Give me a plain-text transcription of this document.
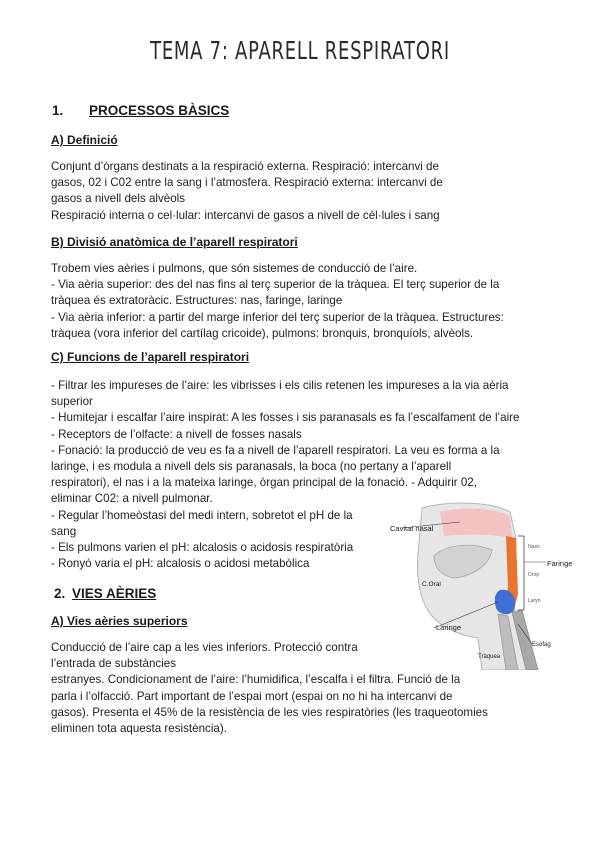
TEMA 7: APARELL RESPIRATORI
1. PROCESSOS BÀSICS
A) Definició
Conjunt d’òrgans destinats a la respiració externa. Respiració: intercanvi de
gasos, 02 i C02 entre la sang i l’atmosfera. Respiració externa: intercanvi de
gasos a nivell dels alvèols
Respiració interna o cel·lular: intercanvi de gasos a nivell de cèl·lules i sang
B) Divisió anatòmica de l’aparell respiratori
Trobem vies aèries i pulmons, que són sistemes de conducció de l’aire.
- Via aèria superior: des del nas fins al terç superior de la tràquea. El terç superior de la
tràquea és extratoràcic. Estructures: nas, faringe, laringe
- Via aèria inferior: a partir del marge inferior del terç superior de la tràquea. Estructures:
tràquea (vora inferior del cartílag cricoide), pulmons: bronquis, bronquíols, alvèols.
C) Funcions de l’aparell respiratori
- Filtrar les impureses de l’aire: les vibrisses i els cilis retenen les impureses a la via aèria
superior
- Humitejar i escalfar l’aire inspirat: A les fosses i sis paranasals es fa l’escalfament de l’aire
- Receptors de l’olfacte: a nivell de fosses nasals
- Fonació: la producció de veu es fa a nivell de l’aparell respiratori. La veu es forma a la
laringe, i es modula a nivell dels sis paranasals, la boca (no pertany a l’aparell
respiratori), el nas i a la mateixa laringe, òrgan principal de la fonació. - Adquirir 02,
eliminar C02: a nivell pulmonar.
- Regular l’homeòstasi del medi intern, sobretot el pH de la
sang
- Els pulmons varien el pH: alcalosis o acidosis respiratòria
- Ronyó varia el pH: alcalosis o acidosi metabòlica
2. VIES AÈRIES
A) Vies aèries superiors
Conducció de l’aire cap a les vies inferiors. Protecció contra
l’entrada de substàncies
estranyes. Condicionament de l’aire: l’humidifica, l’escalfa i el filtra. Funció de la
parla i l’olfacció. Part important de l’espai mort (espai on no hi ha intercanvi de
gasos). Presenta el 45% de la resistència de les vies respiratòries (les traqueotomies
eliminen tota aquesta resistència).
Cavitat nasal
Faringe
Naso
Orop
Laryn
C.Oral
Laringe
Tràquea
Esòfag
